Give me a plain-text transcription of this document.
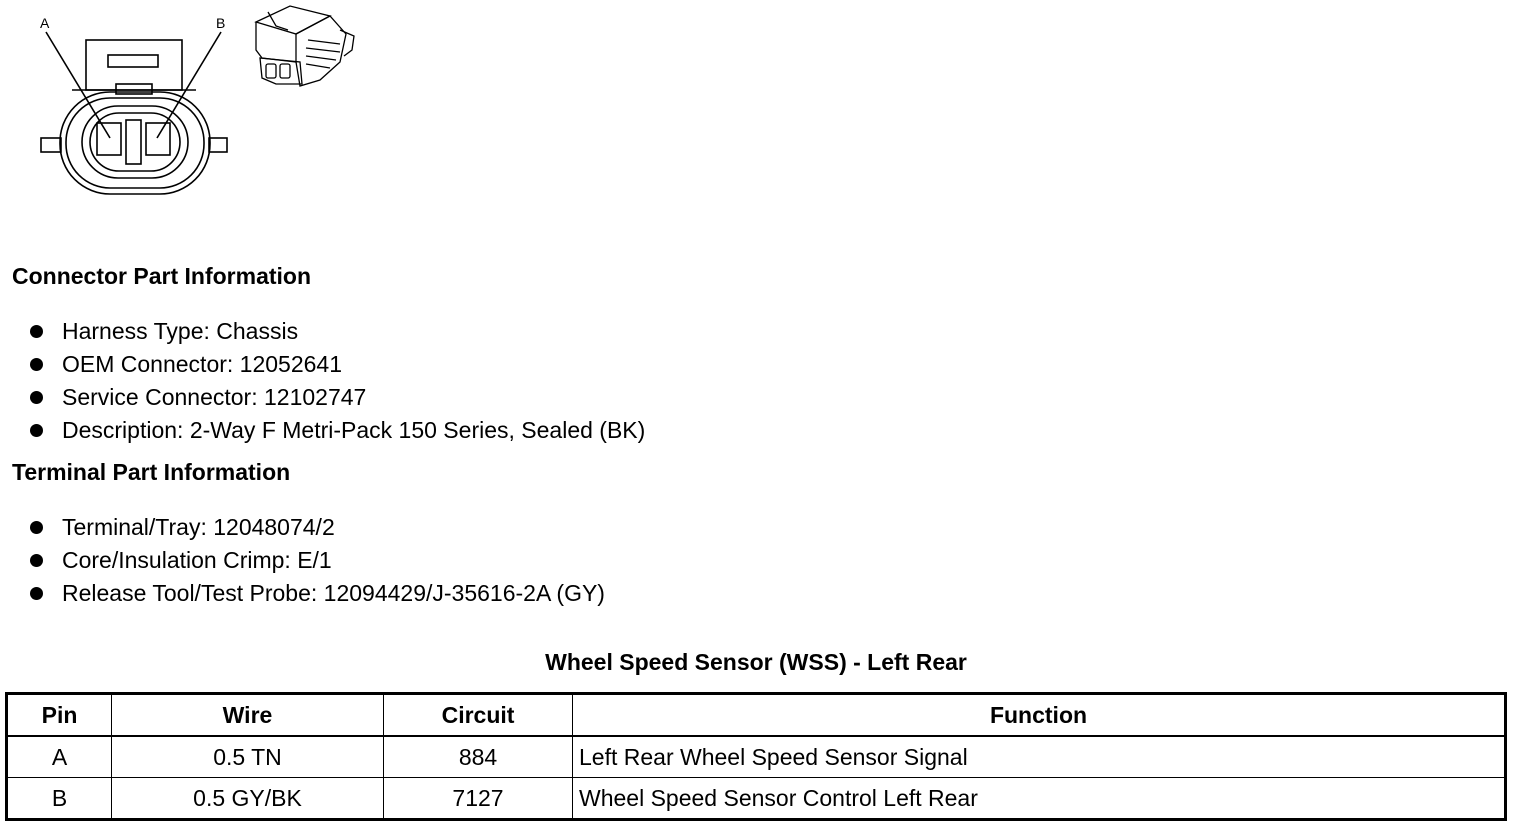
A	B
Connector Part Information
Harness Type: Chassis
OEM Connector: 12052641
Service Connector: 12102747
Description: 2-Way F Metri-Pack 150 Series, Sealed (BK)
Terminal Part Information
Terminal/Tray: 12048074/2
Core/Insulation Crimp: E/1
Release Tool/Test Probe: 12094429/J-35616-2A (GY)
Wheel Speed Sensor (WSS) - Left Rear
Pin	Wire	Circuit	Function
A	0.5 TN	884	Left Rear Wheel Speed Sensor Signal
B	0.5 GY/BK	7127	Wheel Speed Sensor Control Left Rear
